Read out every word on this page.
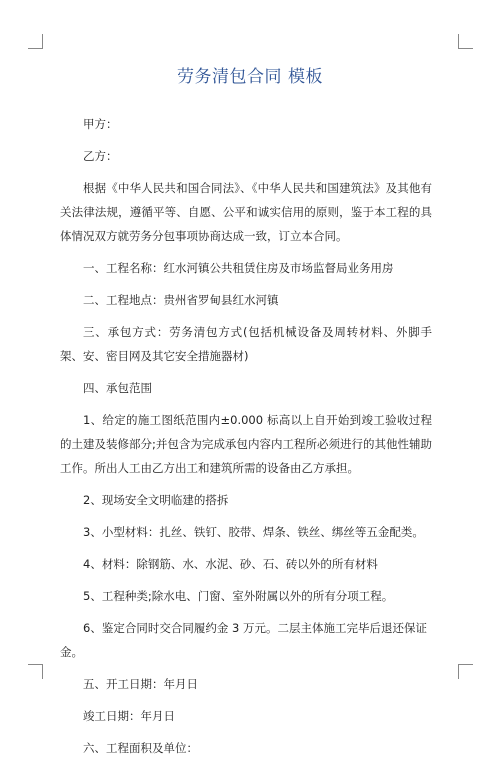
劳务清包合同 模板

甲方：

乙方：

根据《中华人民共和国合同法》、《中华人民共和国建筑法》及其他有关法律法规，遵循平等、自愿、公平和诚实信用的原则，鉴于本工程的具体情况双方就劳务分包事项协商达成一致，订立本合同。

一、工程名称：红水河镇公共租赁住房及市场监督局业务用房

二、工程地点：贵州省罗甸县红水河镇

三、承包方式：劳务清包方式(包括机械设备及周转材料、外脚手架、安、密目网及其它安全措施器材)

四、承包范围

1、给定的施工图纸范围内±0.000 标高以上自开始到竣工验收过程的土建及装修部分;并包含为完成承包内容内工程所必须进行的其他性辅助工作。所出人工由乙方出工和建筑所需的设备由乙方承担。

2、现场安全文明临建的搭拆

3、小型材料：扎丝、铁钉、胶带、焊条、铁丝、绑丝等五金配类。

4、材料：除钢筋、水、水泥、砂、石、砖以外的所有材料

5、工程种类;除水电、门窗、室外附属以外的所有分项工程。

6、鉴定合同时交合同履约金 3 万元。二层主体施工完毕后退还保证金。

五、开工日期：年月日

竣工日期：年月日

六、工程面积及单位：
